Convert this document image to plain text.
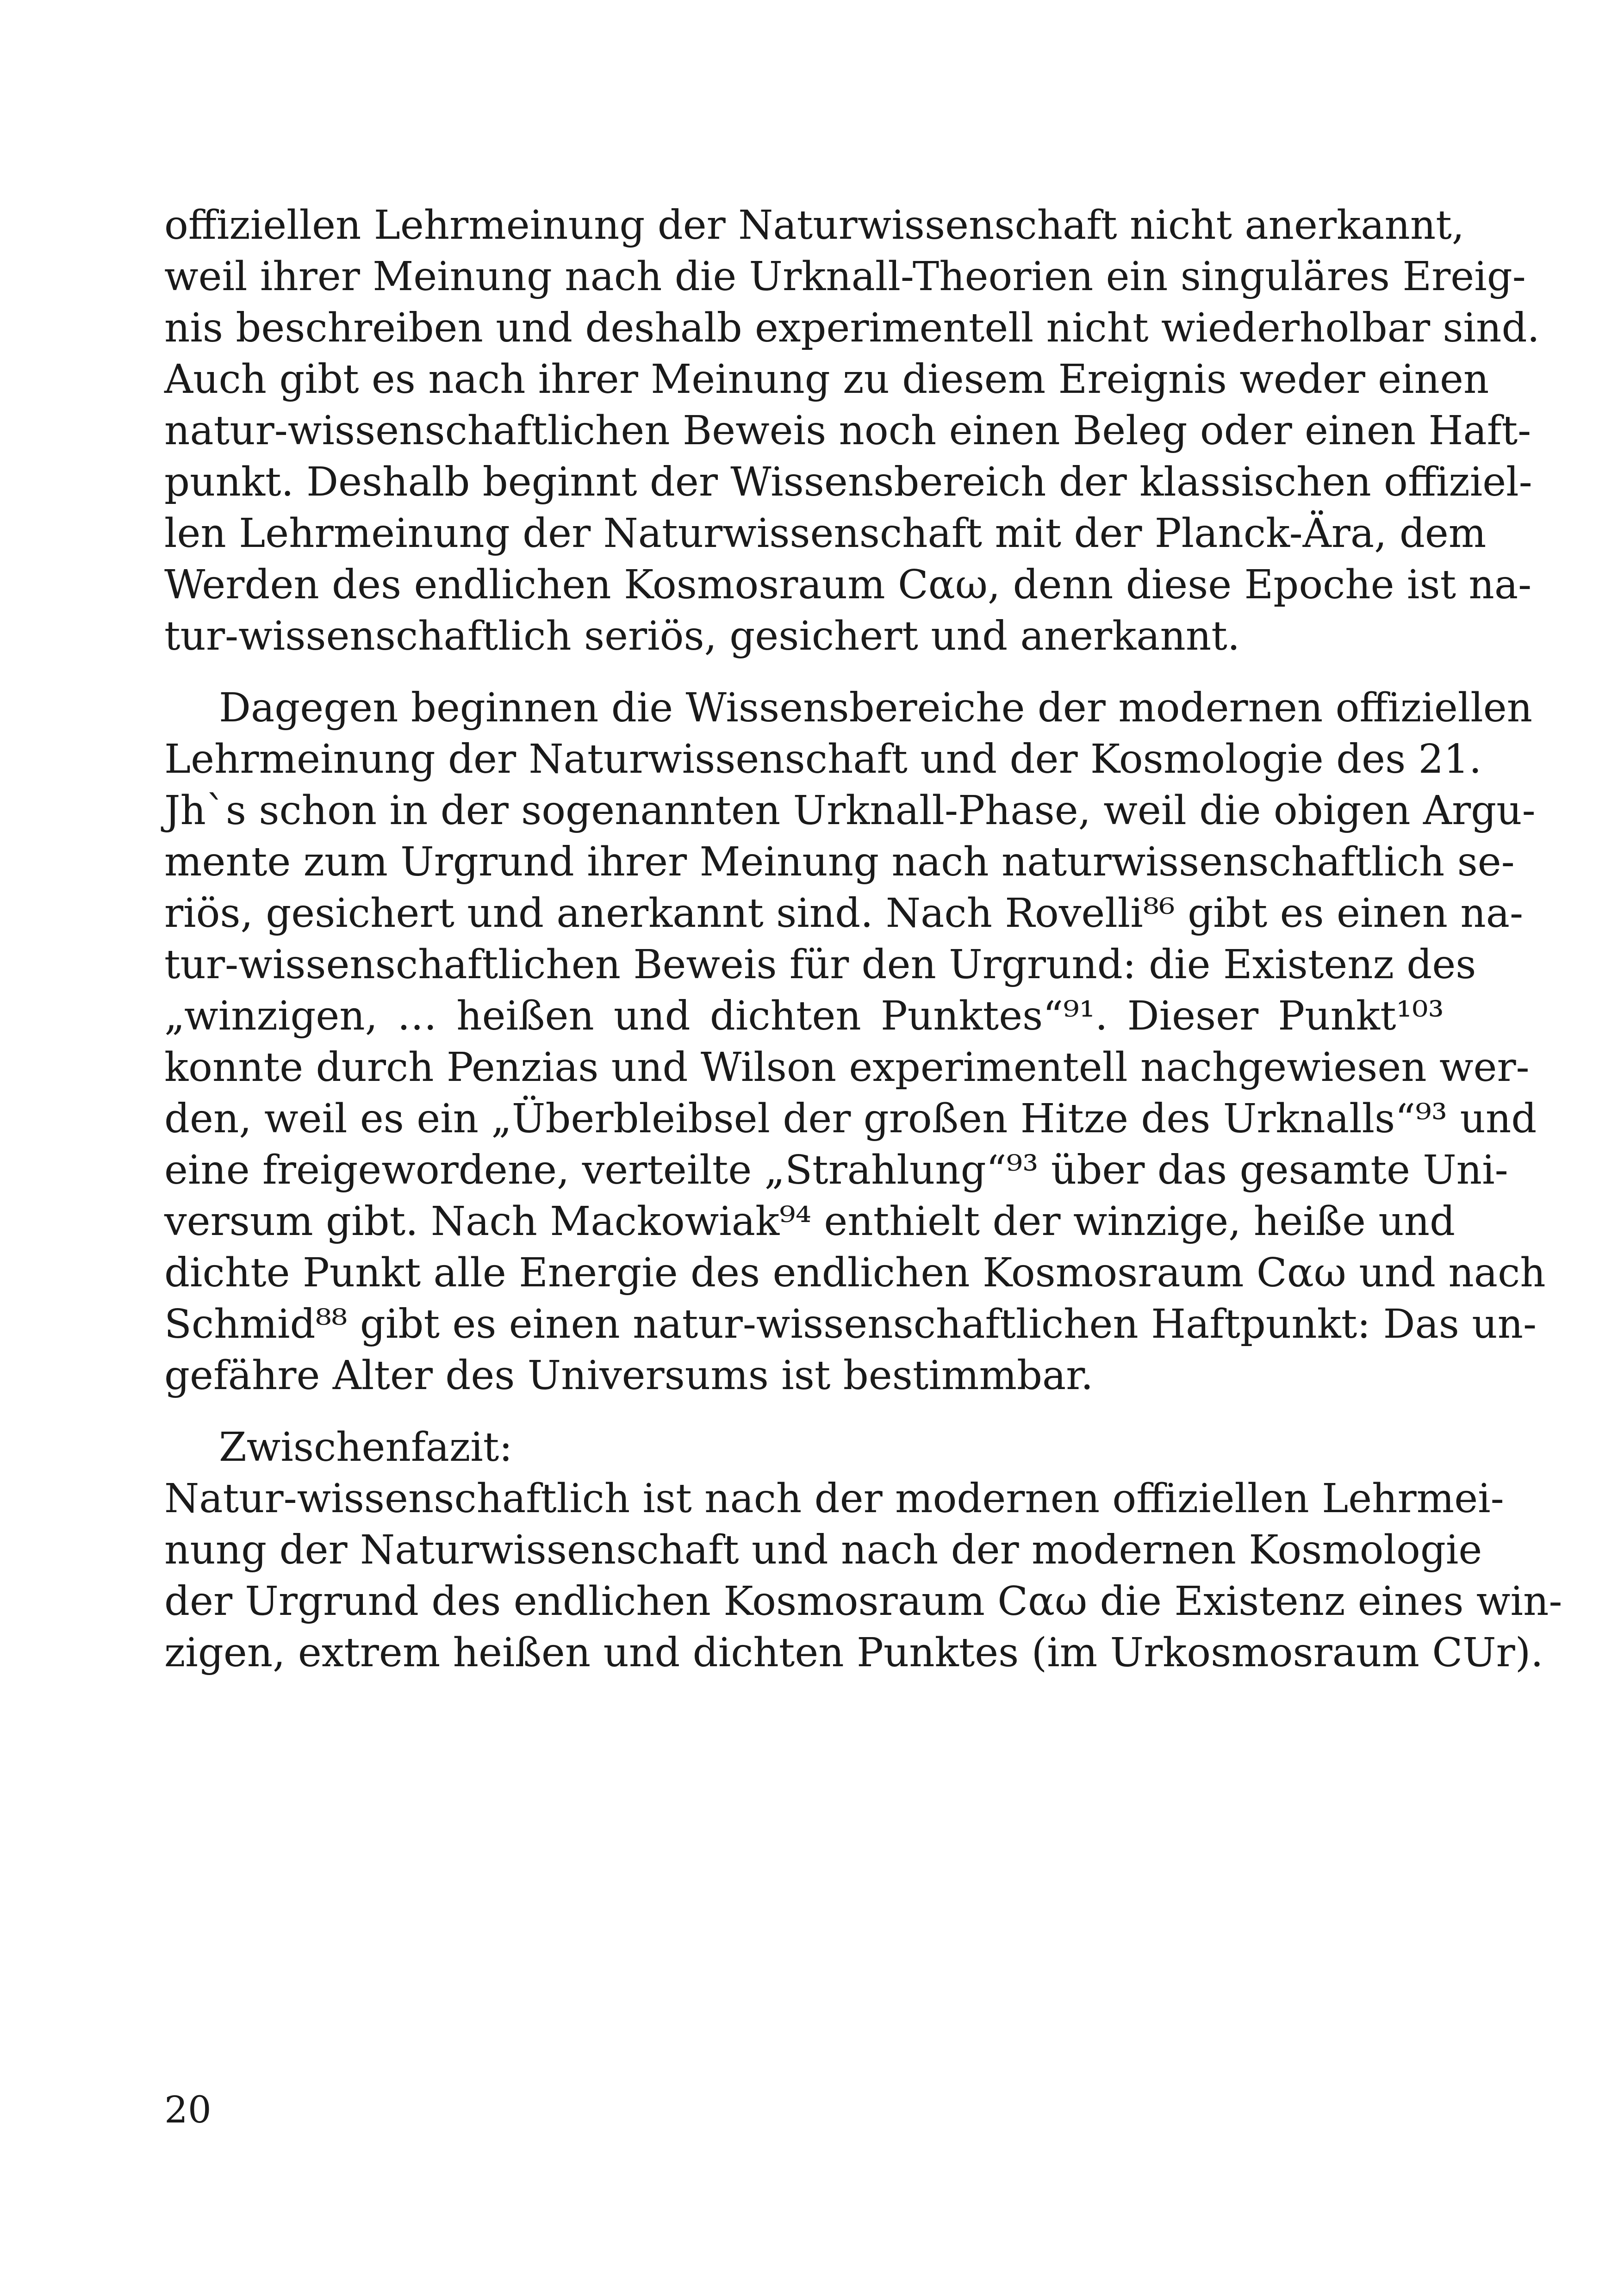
offiziellen Lehrmeinung der Naturwissenschaft nicht anerkannt,
weil ihrer Meinung nach die Urknall-Theorien ein singuläres Ereig-
nis beschreiben und deshalb experimentell nicht wiederholbar sind.
Auch gibt es nach ihrer Meinung zu diesem Ereignis weder einen
natur-wissenschaftlichen Beweis noch einen Beleg oder einen Haft-
punkt. Deshalb beginnt der Wissensbereich der klassischen offiziel-
len Lehrmeinung der Naturwissenschaft mit der Planck-Ära, dem
Werden des endlichen Kosmosraum Cαω, denn diese Epoche ist na-
tur-wissenschaftlich seriös, gesichert und anerkannt.
Dagegen beginnen die Wissensbereiche der modernen offiziellen
Lehrmeinung der Naturwissenschaft und der Kosmologie des 21.
Jh`s schon in der sogenannten Urknall-Phase, weil die obigen Argu-
mente zum Urgrund ihrer Meinung nach naturwissenschaftlich se-
riös, gesichert und anerkannt sind. Nach Rovelli⁸⁶ gibt es einen na-
tur-wissenschaftlichen Beweis für den Urgrund: die Existenz des
„winzigen, … heißen und dichten Punktes“⁹¹. Dieser Punkt¹⁰³
konnte durch Penzias und Wilson experimentell nachgewiesen wer-
den, weil es ein „Überbleibsel der großen Hitze des Urknalls“⁹³ und
eine freigewordene, verteilte „Strahlung“⁹³ über das gesamte Uni-
versum gibt. Nach Mackowiak⁹⁴ enthielt der winzige, heiße und
dichte Punkt alle Energie des endlichen Kosmosraum Cαω und nach
Schmid⁸⁸ gibt es einen natur-wissenschaftlichen Haftpunkt: Das un-
gefähre Alter des Universums ist bestimmbar.
Zwischenfazit:
Natur-wissenschaftlich ist nach der modernen offiziellen Lehrmei-
nung der Naturwissenschaft und nach der modernen Kosmologie
der Urgrund des endlichen Kosmosraum Cαω die Existenz eines win-
zigen, extrem heißen und dichten Punktes (im Urkosmosraum CUr).
20
